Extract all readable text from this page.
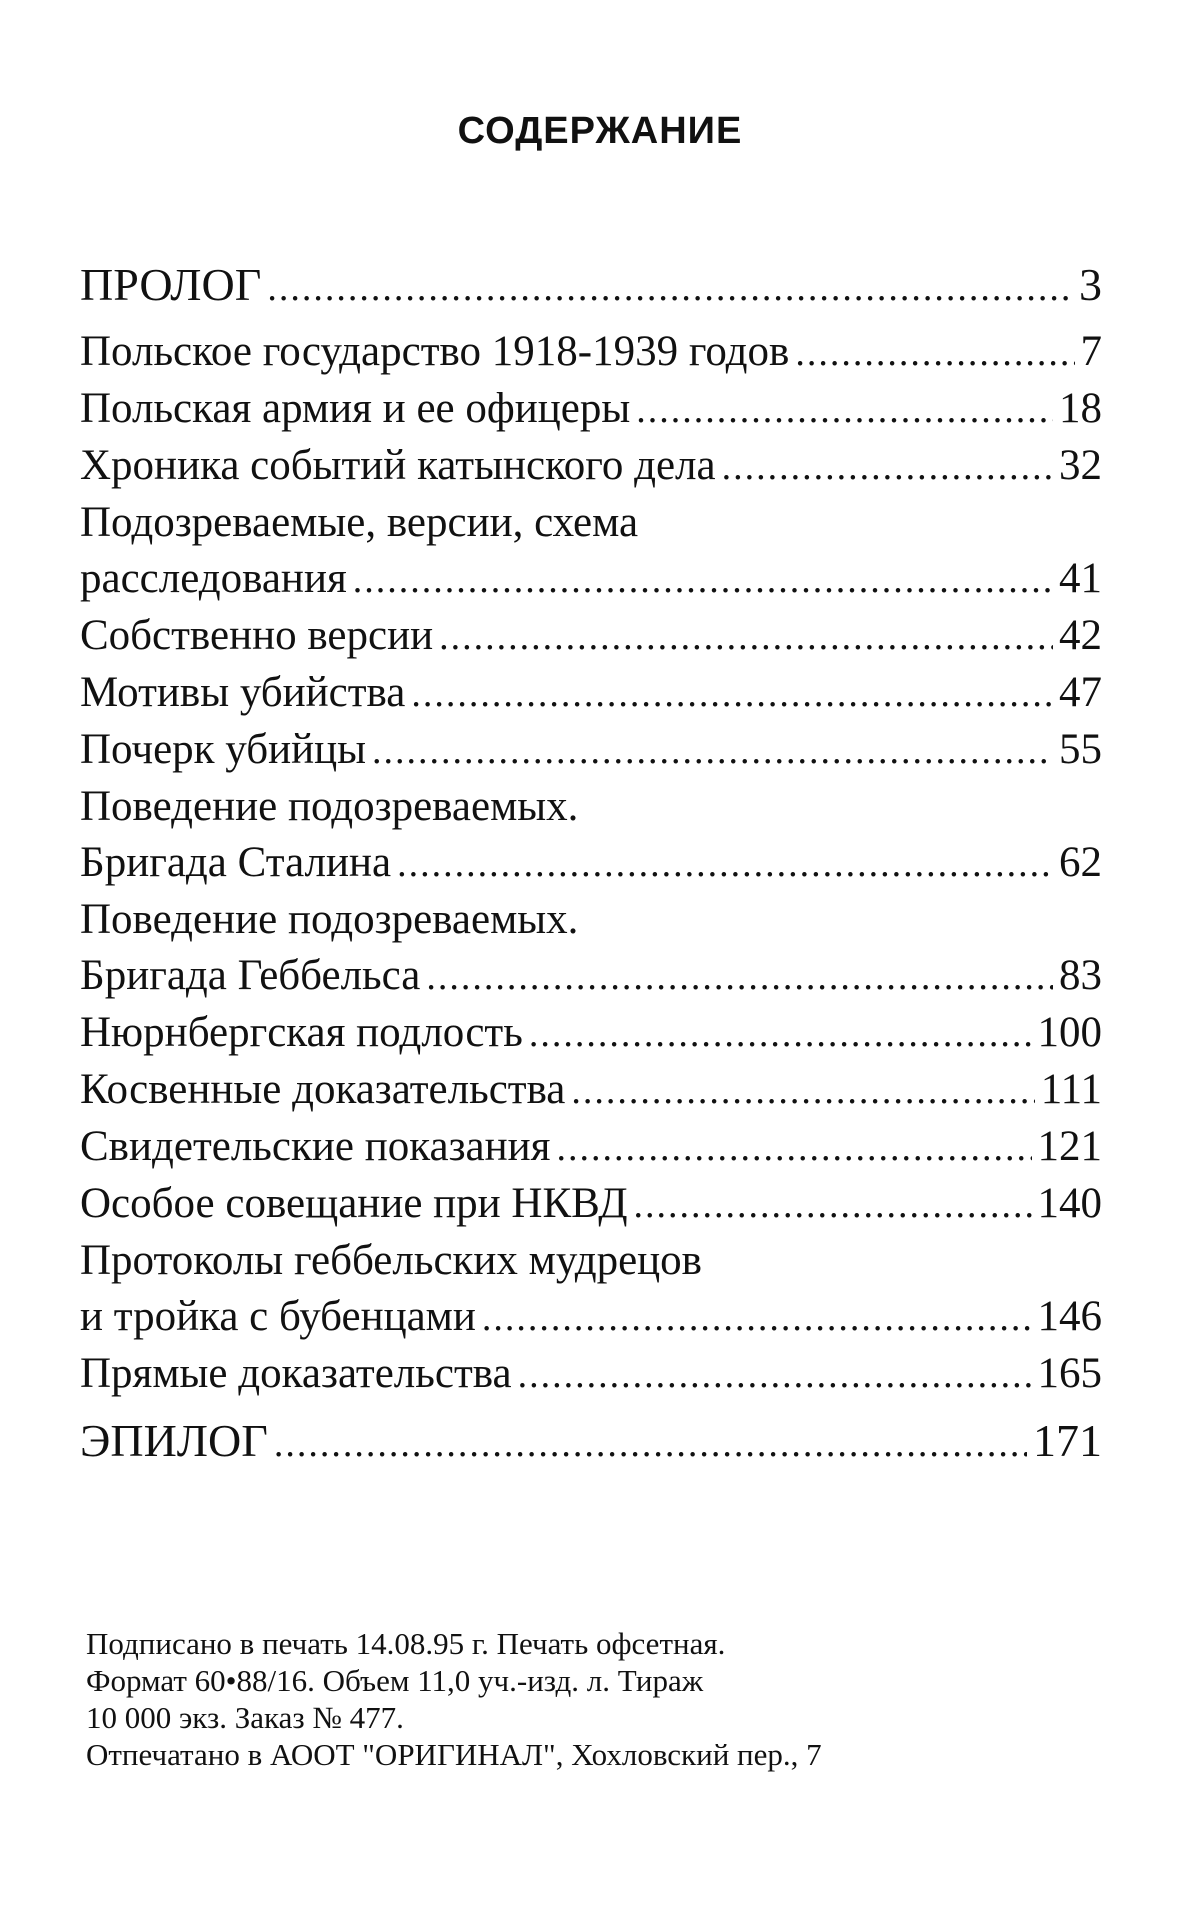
СОДЕРЖАНИЕ
ПРОЛОГ .....	3
Польское государство 1918-1939 годов .....	7
Польская армия и ее офицеры .....	18
Хроника событий катынского дела .....	32
Подозреваемые, версии, схема
расследования .....	41
Собственно версии .....	42
Мотивы убийства .....	47
Почерк убийцы .....	55
Поведение подозреваемых.
Бригада Сталина .....	62
Поведение подозреваемых.
Бригада Геббельса .....	83
Нюрнбергская подлость .....	100
Косвенные доказательства .....	111
Свидетельские показания .....	121
Особое совещание при НКВД .....	140
Протоколы геббельских мудрецов
и тройка с бубенцами .....	146
Прямые доказательства .....	165
ЭПИЛОГ .....	171
Подписано в печать 14.08.95 г. Печать офсетная.
Формат 60•88/16. Объем 11,0 уч.-изд. л. Тираж
10 000 экз. Заказ № 477.
Отпечатано в АООТ "ОРИГИНАЛ", Хохловский пер., 7
